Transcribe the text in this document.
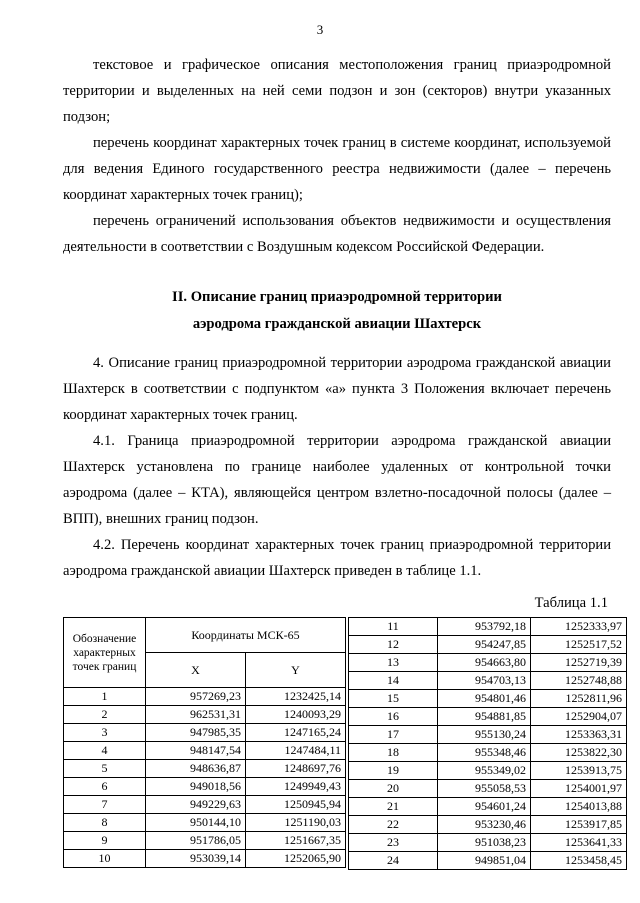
3

текстовое и графическое описания местоположения границ приаэродромной территории и выделенных на ней семи подзон и зон (секторов) внутри указанных подзон;

перечень координат характерных точек границ в системе координат, используемой для ведения Единого государственного реестра недвижимости (далее – перечень координат характерных точек границ);

перечень ограничений использования объектов недвижимости и осуществления деятельности в соответствии с Воздушным кодексом Российской Федерации.

II. Описание границ приаэродромной территории

аэродрома гражданской авиации Шахтерск

4. Описание границ приаэродромной территории аэродрома гражданской авиации Шахтерск в соответствии с подпунктом «а» пункта 3 Положения включает перечень координат характерных точек границ.

4.1. Граница приаэродромной территории аэродрома гражданской авиации Шахтерск установлена по границе наиболее удаленных от контрольной точки аэродрома (далее – КТА), являющейся центром взлетно-посадочной полосы (далее – ВПП), внешних границ подзон.

4.2. Перечень координат характерных точек границ приаэродромной территории аэродрома гражданской авиации Шахтерск приведен в таблице 1.1.

Таблица 1.1
Обозначение характерных точек границ	Координаты МСК-65	
	X	Y
1	957269,23	1232425,14
2	962531,31	1240093,29
3	947985,35	1247165,24
4	948147,54	1247484,11
5	948636,87	1248697,76
6	949018,56	1249949,43
7	949229,63	1250945,94
8	950144,10	1251190,03
9	951786,05	1251667,35
10	953039,14	1252065,90
11	953792,18	1252333,97
12	954247,85	1252517,52
13	954663,80	1252719,39
14	954703,13	1252748,88
15	954801,46	1252811,96
16	954881,85	1252904,07
17	955130,24	1253363,31
18	955348,46	1253822,30
19	955349,02	1253913,75
20	955058,53	1254001,97
21	954601,24	1254013,88
22	953230,46	1253917,85
23	951038,23	1253641,33
24	949851,04	1253458,45
